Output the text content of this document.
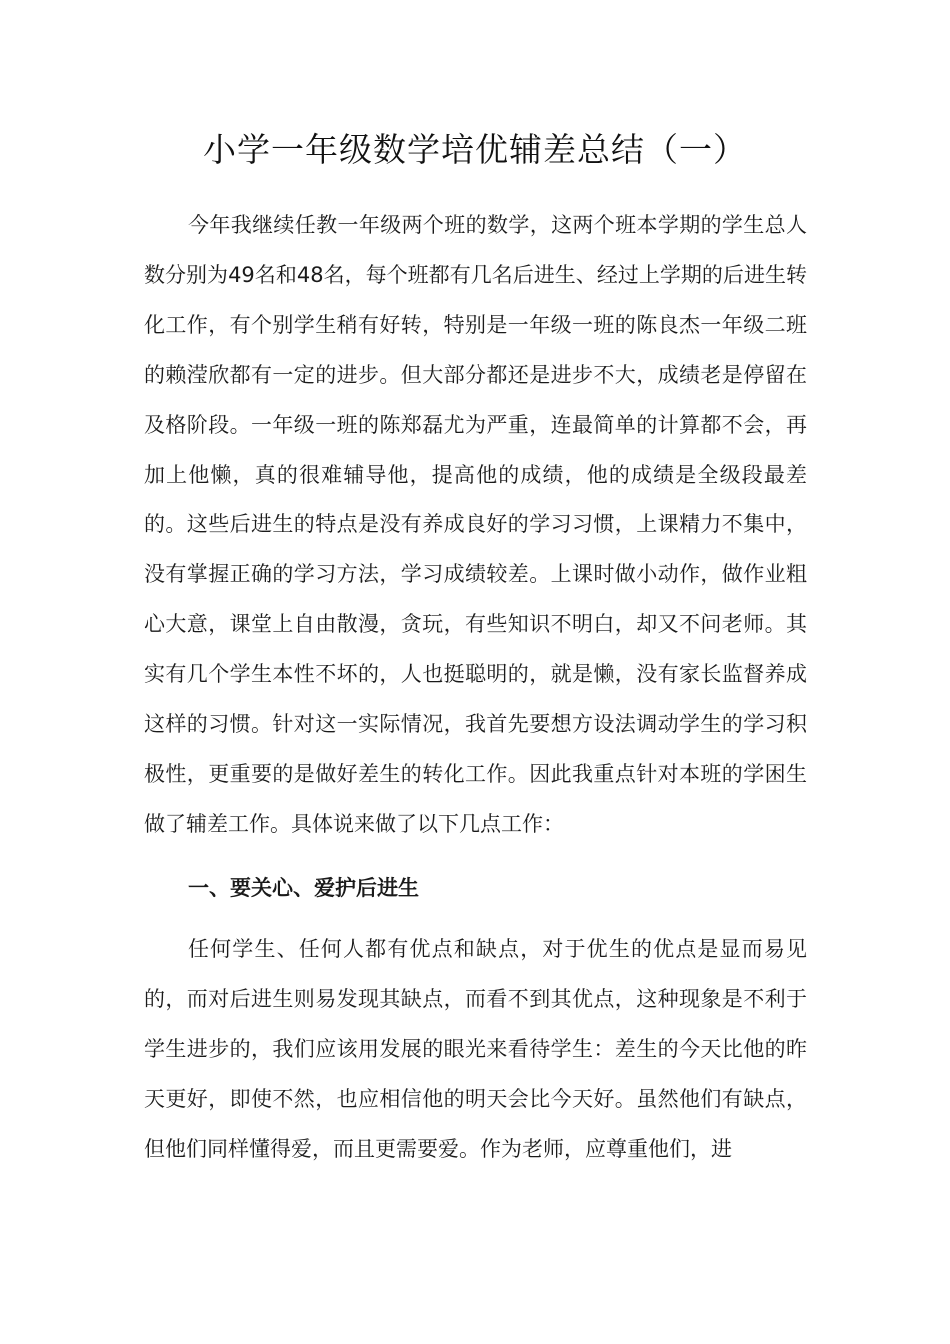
小学一年级数学培优辅差总结（一）

今年我继续任教一年级两个班的数学，这两个班本学期的学生总人数分别为49名和48名，每个班都有几名后进生、经过上学期的后进生转化工作，有个别学生稍有好转，特别是一年级一班的陈良杰一年级二班的赖滢欣都有一定的进步。但大部分都还是进步不大，成绩老是停留在及格阶段。一年级一班的陈郑磊尤为严重，连最简单的计算都不会，再加上他懒，真的很难辅导他，提高他的成绩，他的成绩是全级段最差的。这些后进生的特点是没有养成良好的学习习惯，上课精力不集中，没有掌握正确的学习方法，学习成绩较差。上课时做小动作，做作业粗心大意，课堂上自由散漫，贪玩，有些知识不明白，却又不问老师。其实有几个学生本性不坏的，人也挺聪明的，就是懒，没有家长监督养成这样的习惯。针对这一实际情况，我首先要想方设法调动学生的学习积极性，更重要的是做好差生的转化工作。因此我重点针对本班的学困生做了辅差工作。具体说来做了以下几点工作：

一、要关心、爱护后进生

任何学生、任何人都有优点和缺点，对于优生的优点是显而易见的，而对后进生则易发现其缺点，而看不到其优点，这种现象是不利于学生进步的，我们应该用发展的眼光来看待学生：差生的今天比他的昨天更好，即使不然，也应相信他的明天会比今天好。虽然他们有缺点，但他们同样懂得爱，而且更需要爱。作为老师，应尊重他们，进
